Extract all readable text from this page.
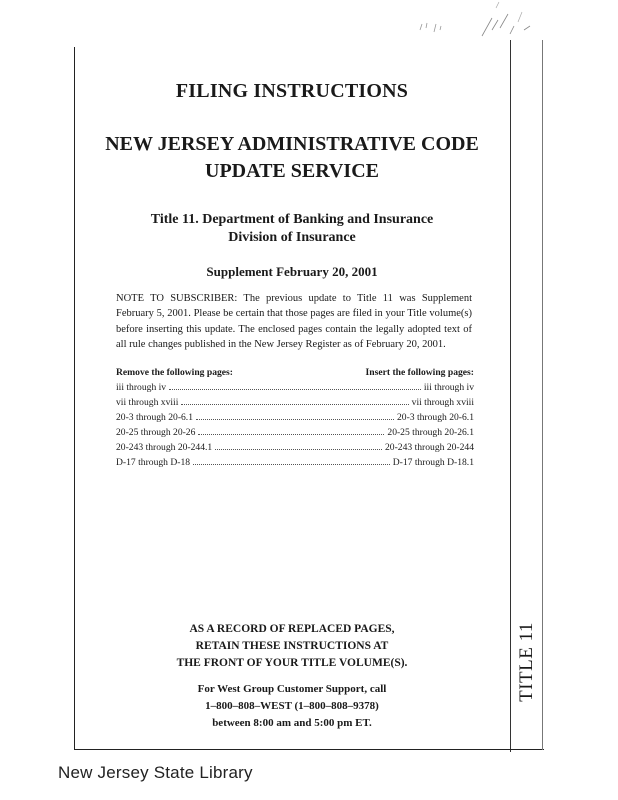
FILING INSTRUCTIONS
NEW JERSEY ADMINISTRATIVE CODE
UPDATE SERVICE
Title 11. Department of Banking and Insurance
Division of Insurance
Supplement February 20, 2001
NOTE TO SUBSCRIBER: The previous update to Title 11 was Supplement February 5, 2001. Please be certain that those pages are filed in your Title volume(s) before inserting this update. The enclosed pages contain the legally adopted text of all rule changes published in the New Jersey Register as of February 20, 2001.
Remove the following pages:	Insert the following pages:
iii through iv	iii through iv
vii through xviii	vii through xviii
20-3 through 20-6.1	20-3 through 20-6.1
20-25 through 20-26	20-25 through 20-26.1
20-243 through 20-244.1	20-243 through 20-244
D-17 through D-18	D-17 through D-18.1
AS A RECORD OF REPLACED PAGES,
RETAIN THESE INSTRUCTIONS AT
THE FRONT OF YOUR TITLE VOLUME(S).
For West Group Customer Support, call
1–800–808–WEST (1–800–808–9378)
between 8:00 am and 5:00 pm ET.
TITLE 11
New Jersey State Library
